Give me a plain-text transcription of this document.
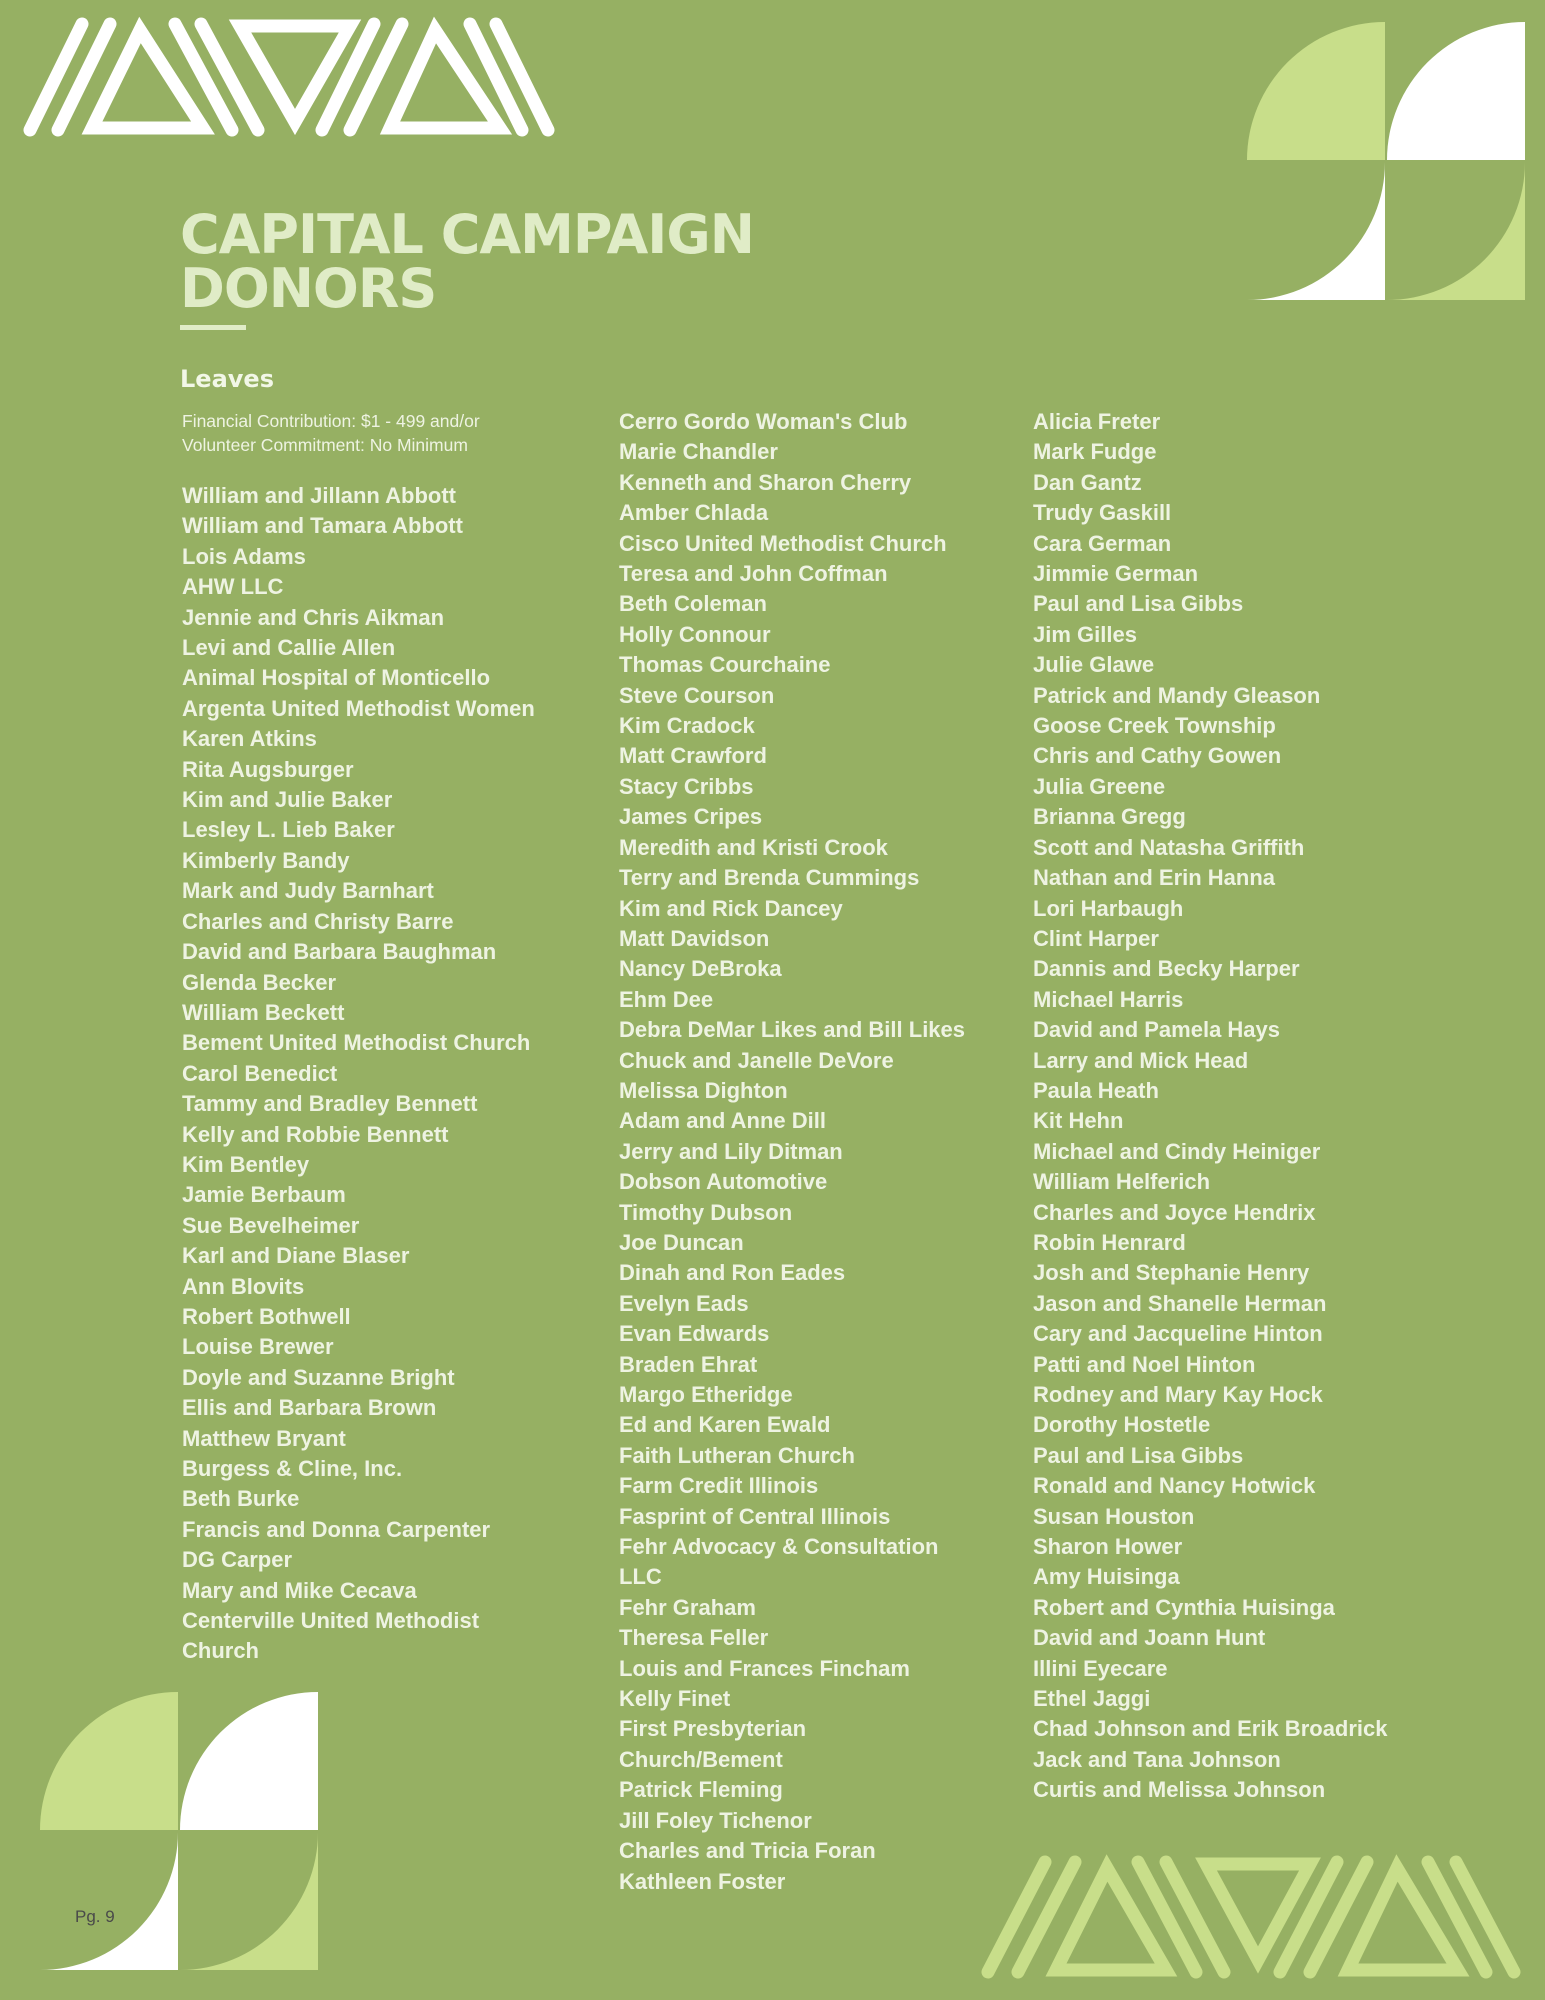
CAPITAL CAMPAIGN
DONORS
Leaves
Financial Contribution: $1 - 499 and/or
Volunteer Commitment: No Minimum
William and Jillann Abbott
William and Tamara Abbott
Lois Adams
AHW LLC
Jennie and Chris Aikman
Levi and Callie Allen
Animal Hospital of Monticello
Argenta United Methodist Women
Karen Atkins
Rita Augsburger
Kim and Julie Baker
Lesley L. Lieb Baker
Kimberly Bandy
Mark and Judy Barnhart
Charles and Christy Barre
David and Barbara Baughman
Glenda Becker
William Beckett
Bement United Methodist Church
Carol Benedict
Tammy and Bradley Bennett
Kelly and Robbie Bennett
Kim Bentley
Jamie Berbaum
Sue Bevelheimer
Karl and Diane Blaser
Ann Blovits
Robert Bothwell
Louise Brewer
Doyle and Suzanne Bright
Ellis and Barbara Brown
Matthew Bryant
Burgess & Cline, Inc.
Beth Burke
Francis and Donna Carpenter
DG Carper
Mary and Mike Cecava
Centerville United Methodist
Church
Cerro Gordo Woman's Club
Marie Chandler
Kenneth and Sharon Cherry
Amber Chlada
Cisco United Methodist Church
Teresa and John Coffman
Beth Coleman
Holly Connour
Thomas Courchaine
Steve Courson
Kim Cradock
Matt Crawford
Stacy Cribbs
James Cripes
Meredith and Kristi Crook
Terry and Brenda Cummings
Kim and Rick Dancey
Matt Davidson
Nancy DeBroka
Ehm Dee
Debra DeMar Likes and Bill Likes
Chuck and Janelle DeVore
Melissa Dighton
Adam and Anne Dill
Jerry and Lily Ditman
Dobson Automotive
Timothy Dubson
Joe Duncan
Dinah and Ron Eades
Evelyn Eads
Evan Edwards
Braden Ehrat
Margo Etheridge
Ed and Karen Ewald
Faith Lutheran Church
Farm Credit Illinois
Fasprint of Central Illinois
Fehr Advocacy & Consultation
LLC
Fehr Graham
Theresa Feller
Louis and Frances Fincham
Kelly Finet
First Presbyterian
Church/Bement
Patrick Fleming
Jill Foley Tichenor
Charles and Tricia Foran
Kathleen Foster
Alicia Freter
Mark Fudge
Dan Gantz
Trudy Gaskill
Cara German
Jimmie German
Paul and Lisa Gibbs
Jim Gilles
Julie Glawe
Patrick and Mandy Gleason
Goose Creek Township
Chris and Cathy Gowen
Julia Greene
Brianna Gregg
Scott and Natasha Griffith
Nathan and Erin Hanna
Lori Harbaugh
Clint Harper
Dannis and Becky Harper
Michael Harris
David and Pamela Hays
Larry and Mick Head
Paula Heath
Kit Hehn
Michael and Cindy Heiniger
William Helferich
Charles and Joyce Hendrix
Robin Henrard
Josh and Stephanie Henry
Jason and Shanelle Herman
Cary and Jacqueline Hinton
Patti and Noel Hinton
Rodney and Mary Kay Hock
Dorothy Hostetle
Paul and Lisa Gibbs
Ronald and Nancy Hotwick
Susan Houston
Sharon Hower
Amy Huisinga
Robert and Cynthia Huisinga
David and Joann Hunt
Illini Eyecare
Ethel Jaggi
Chad Johnson and Erik Broadrick
Jack and Tana Johnson
Curtis and Melissa Johnson
Pg. 9
